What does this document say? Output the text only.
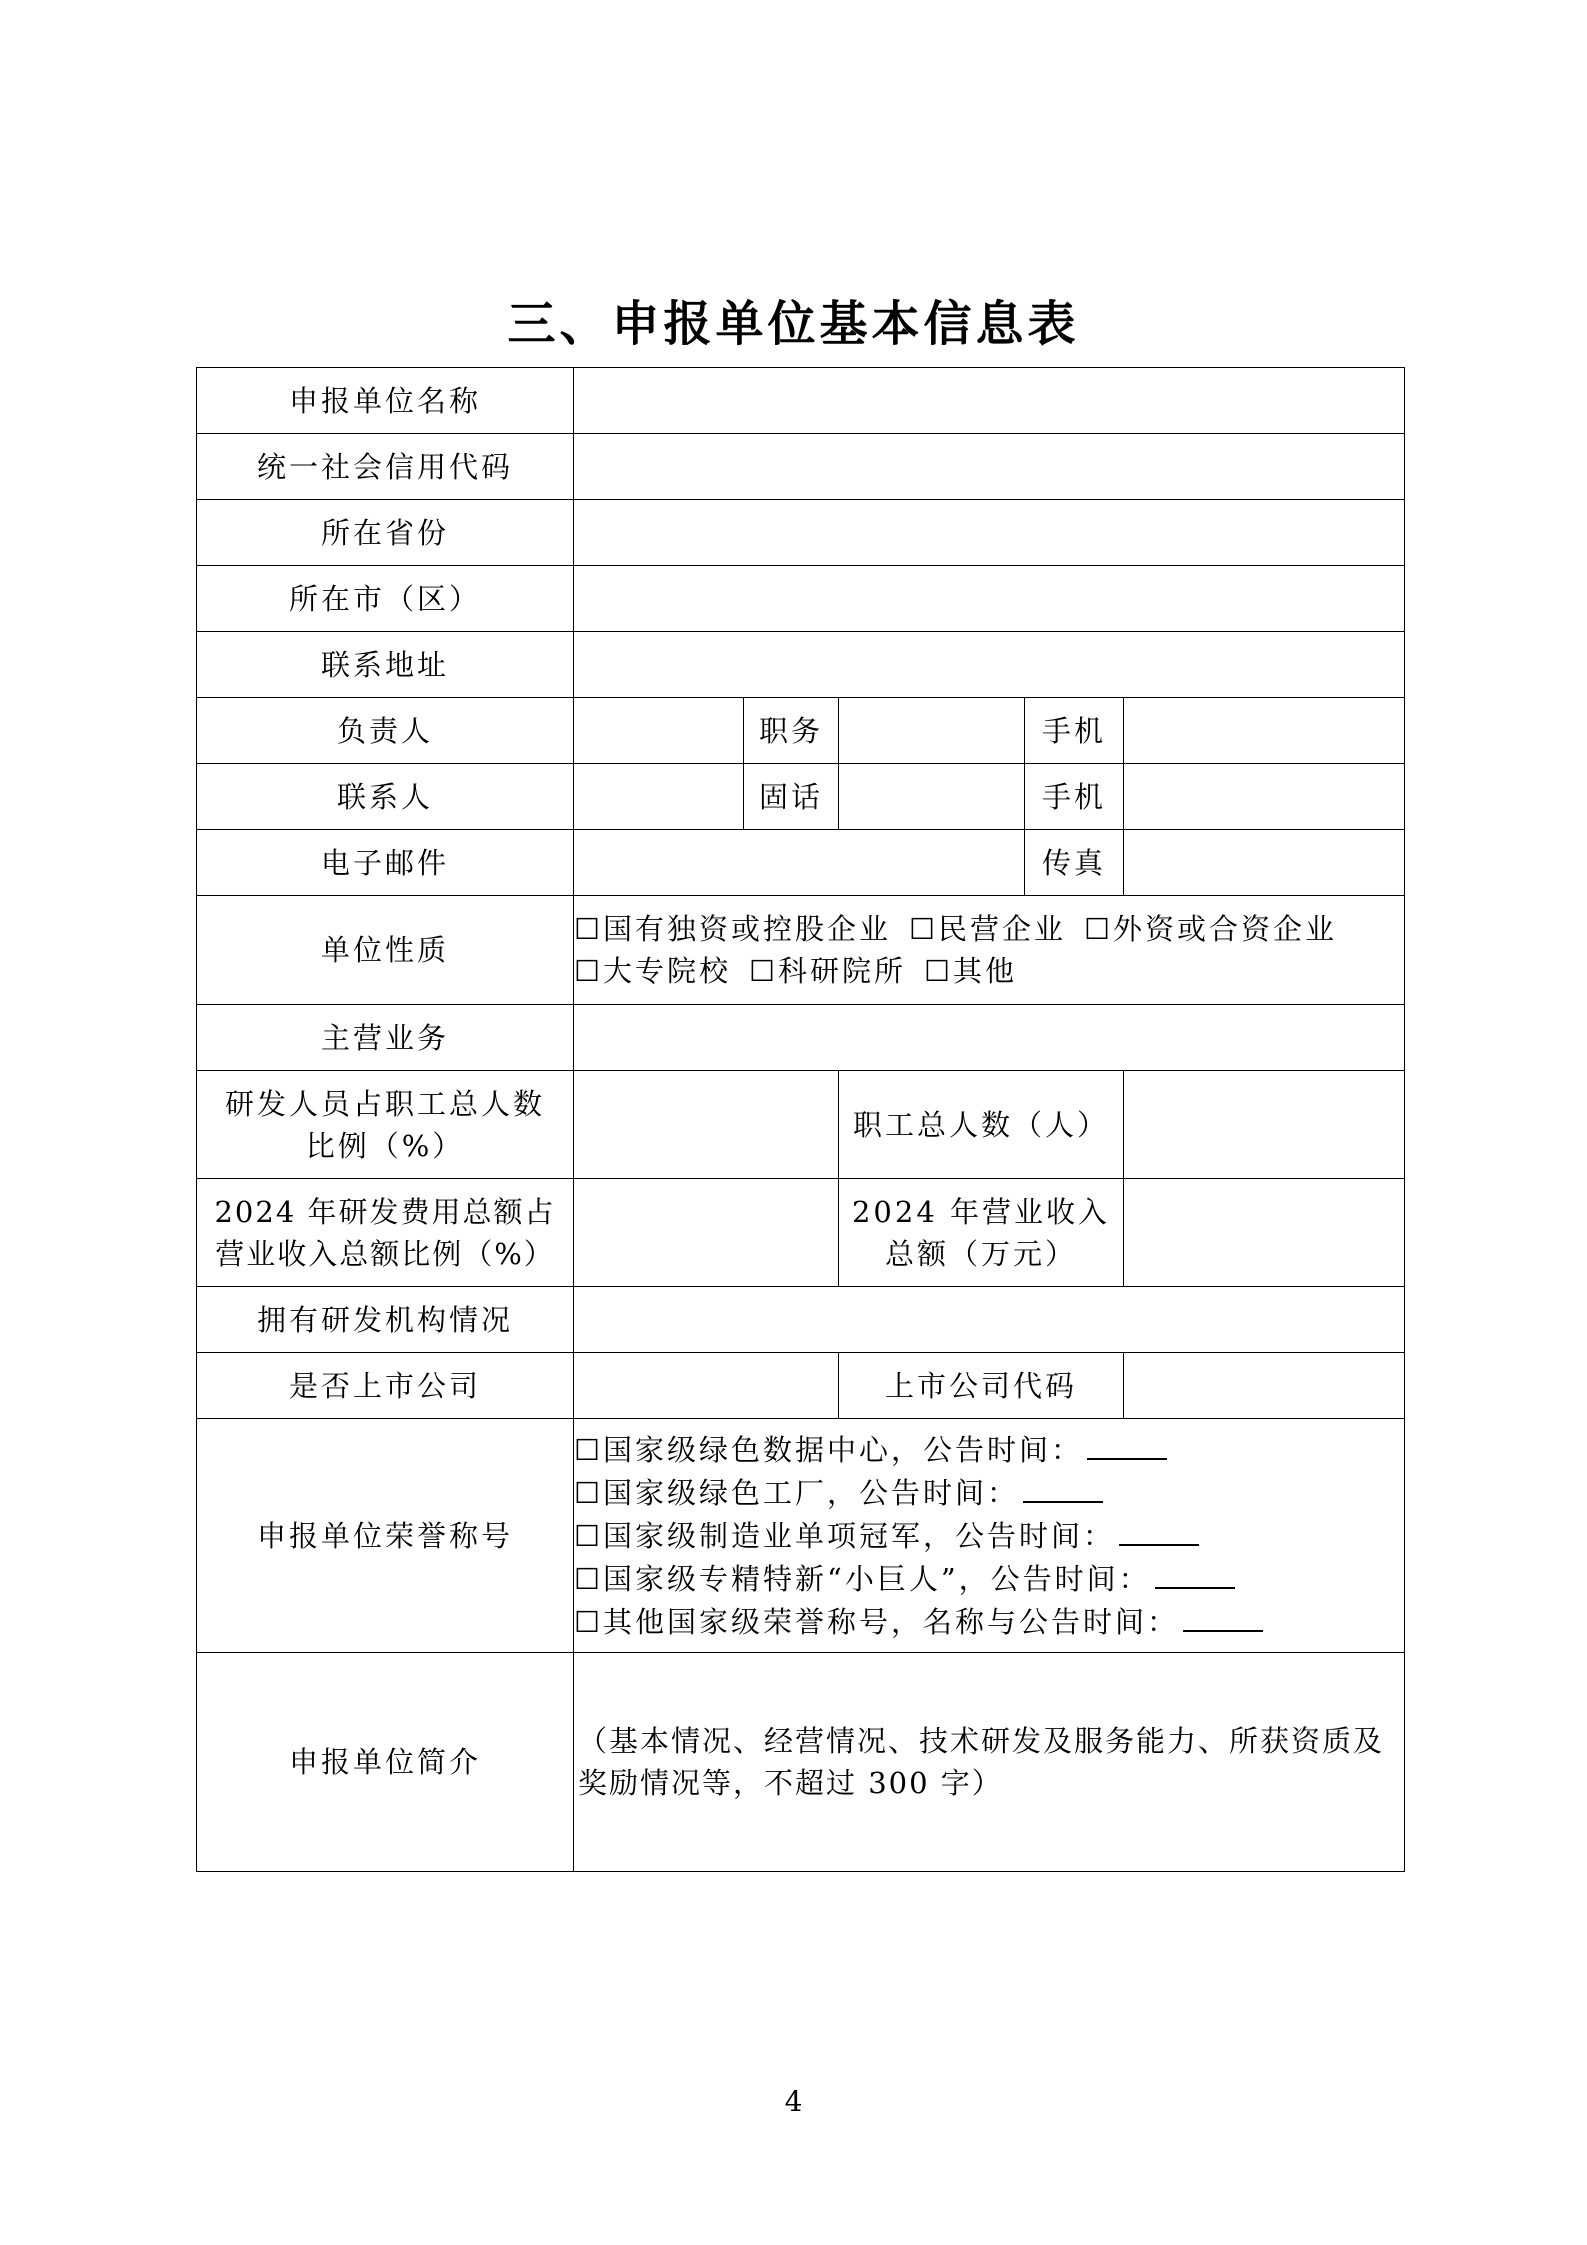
三、申报单位基本信息表
申报单位名称					
统一社会信用代码					
所在省份					
所在市（区）					
联系地址					
负责人		职务		手机	
联系人		固话		手机	
电子邮件				传真	
单位性质	☐国有独资或控股企业 ☐民营企业 ☐外资或合资企业
☐大专院校 ☐科研院所 ☐其他				

主营业务					
研发人员占职工总人数比例（%）			职工总人数（人）		
2024 年研发费用总额占营业收入总额比例（%）			2024 年营业收入总额（万元）		
拥有研发机构情况					
是否上市公司			上市公司代码		
申报单位荣誉称号	☐国家级绿色数据中心，公告时间：
☐国家级绿色工厂，公告时间：
☐国家级制造业单项冠军，公告时间：
☐国家级专精特新“小巨人”，公告时间：
☐其他国家级荣誉称号，名称与公告时间：				

申报单位简介	（基本情况、经营情况、技术研发及服务能力、所获资质及奖励情况等，不超过 300 字）				
4
